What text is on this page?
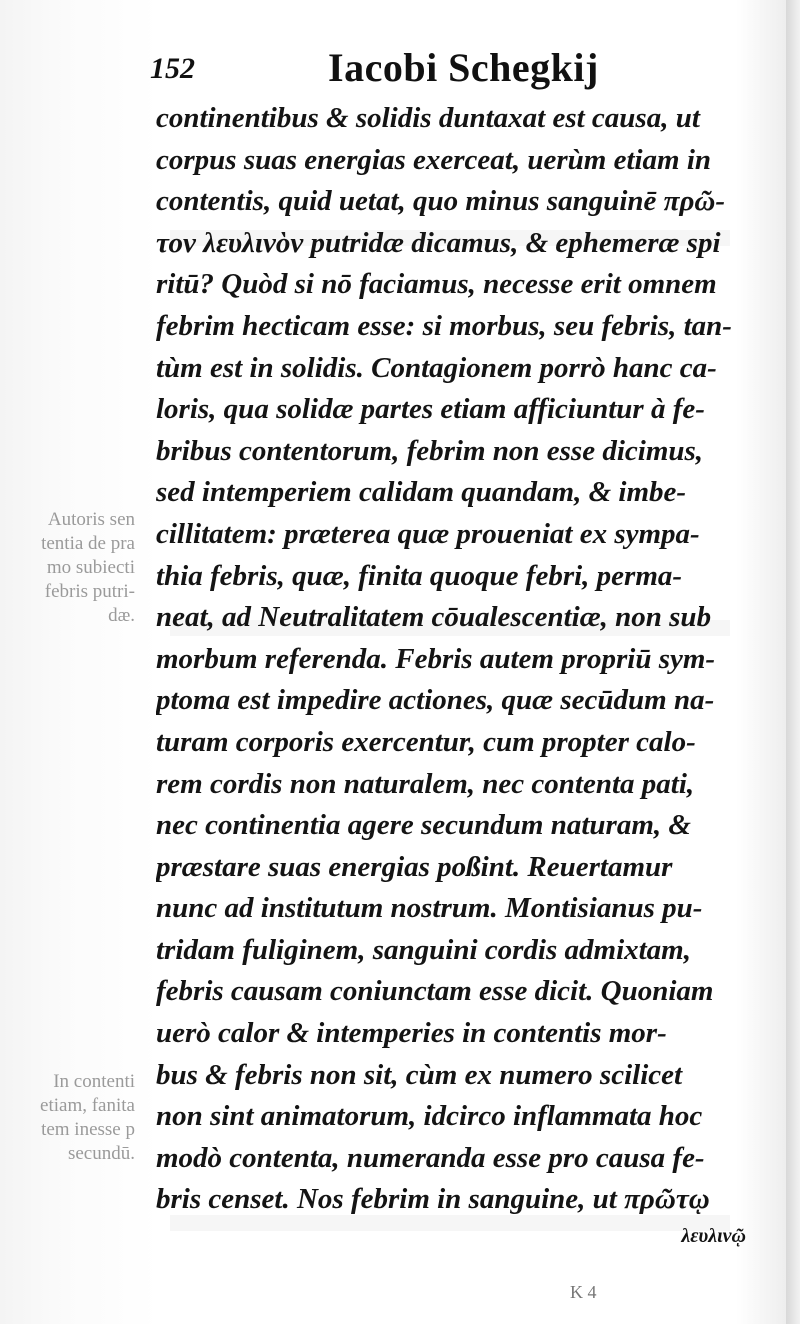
152	Iacobi Schegkij
Autoris sen
tentia de pra
mo subiecti
febris putri-
dæ.
In contenti
etiam, fanita
tem inesse p
secundū.
continentibus & solidis duntaxat est causa, ut
corpus suas energias exerceat, uerùm etiam in
contentis, quid uetat, quo minus sanguinē πρῶ-
τον λευλινὸν putridæ dicamus, & ephemeræ spi
ritū? Quòd si nō faciamus, necesse erit omnem
febrim hecticam esse: si morbus, seu febris, tan-
tùm est in solidis. Contagionem porrò hanc ca-
loris, qua solidæ partes etiam afficiuntur à fe-
bribus contentorum, febrim non esse dicimus,
sed intemperiem calidam quandam, & imbe-
cillitatem: præterea quæ proueniat ex sympa-
thia febris, quæ, finita quoque febri, perma-
neat, ad Neutralitatem cōualescentiæ, non sub
morbum referenda. Febris autem propriū sym-
ptoma est impedire actiones, quæ secūdum na-
turam corporis exercentur, cum propter calo-
rem cordis non naturalem, nec contenta pati,
nec continentia agere secundum naturam, &
præstare suas energias poßint. Reuertamur
nunc ad institutum nostrum. Montisianus pu-
tridam fuliginem, sanguini cordis admixtam,
febris causam coniunctam esse dicit. Quoniam
uerò calor & intemperies in contentis mor-
bus & febris non sit, cùm ex numero scilicet
non sint animatorum, idcirco inflammata hoc
modò contenta, numeranda esse pro causa fe-
bris censet. Nos febrim in sanguine, ut πρῶτῳ
λευλινῷ
K 4
